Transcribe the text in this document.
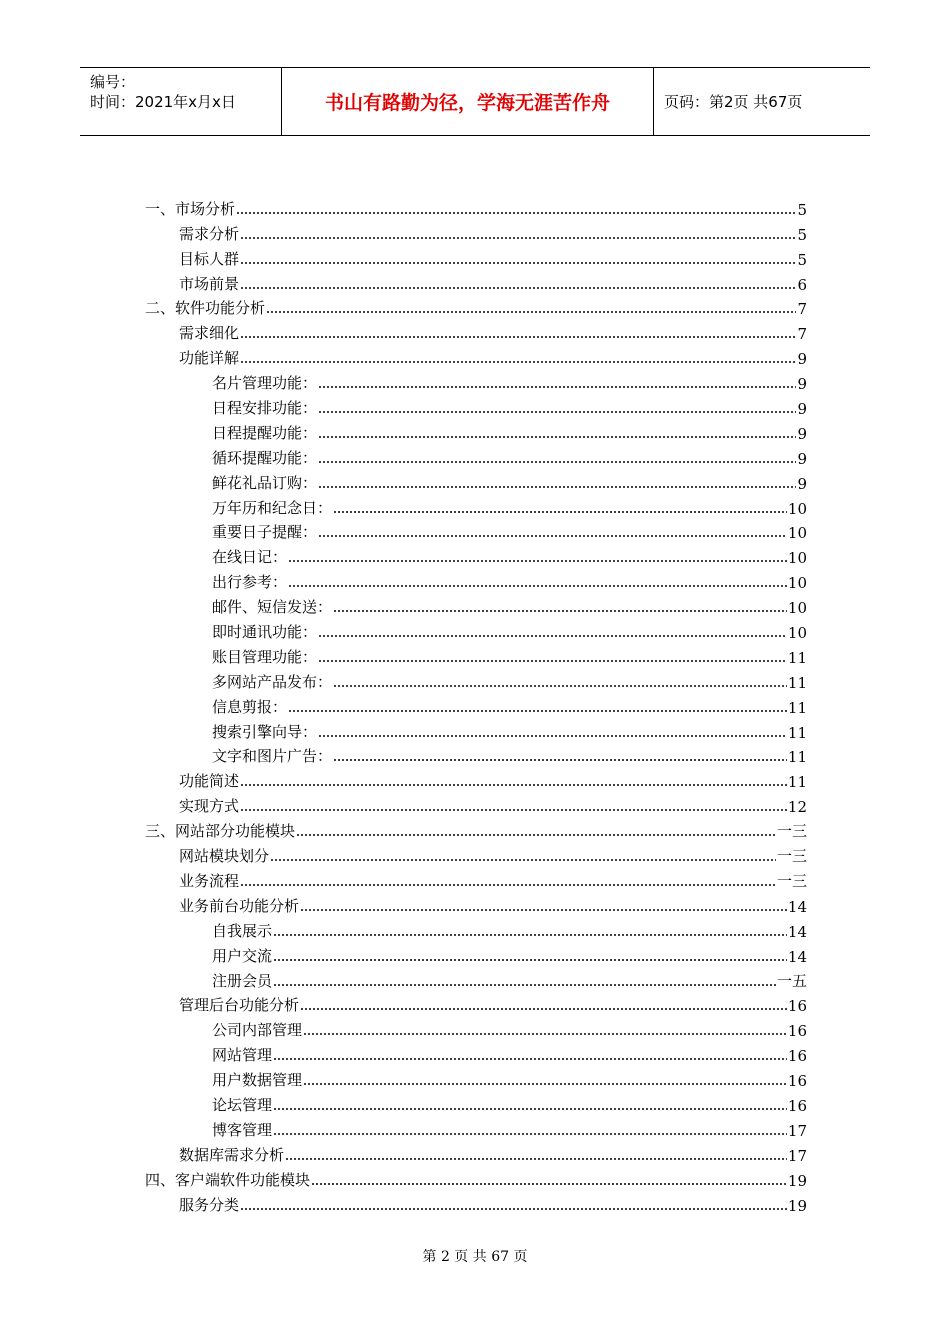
编号：
时间：2021年x月x日	书山有路勤为径，学海无涯苦作舟	页码：第2页 共67页
一、市场分析	5
需求分析	5
目标人群	5
市场前景	6
二、软件功能分析	7
需求细化	7
功能详解	9
名片管理功能：	9
日程安排功能：	9
日程提醒功能：	9
循环提醒功能：	9
鲜花礼品订购：	9
万年历和纪念日：	10
重要日子提醒：	10
在线日记：	10
出行参考：	10
邮件、短信发送：	10
即时通讯功能：	10
账目管理功能：	11
多网站产品发布：	11
信息剪报：	11
搜索引擎向导：	11
文字和图片广告：	11
功能简述	11
实现方式	12
三、网站部分功能模块	一三
网站模块划分	一三
业务流程	一三
业务前台功能分析	14
自我展示	14
用户交流	14
注册会员	一五
管理后台功能分析	16
公司内部管理	16
网站管理	16
用户数据管理	16
论坛管理	16
博客管理	17
数据库需求分析	17
四、客户端软件功能模块	19
服务分类	19
第 2 页 共 67 页
